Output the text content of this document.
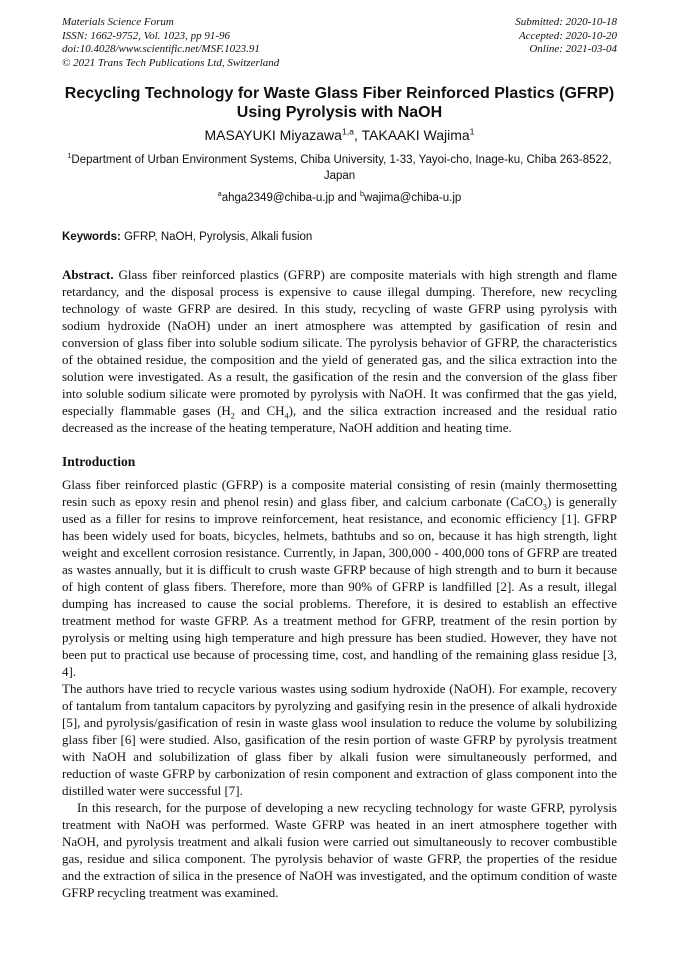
Materials Science Forum
ISSN: 1662-9752, Vol. 1023, pp 91-96
doi:10.4028/www.scientific.net/MSF.1023.91
© 2021 Trans Tech Publications Ltd, Switzerland
Submitted: 2020-10-18
Accepted: 2020-10-20
Online: 2021-03-04
Recycling Technology for Waste Glass Fiber Reinforced Plastics (GFRP)
Using Pyrolysis with NaOH
MASAYUKI Miyazawa$^{1,a}$, TAKAAKI Wajima$^1$
$^1$Department of Urban Environment Systems, Chiba University, 1-33, Yayoi-cho, Inage-ku, Chiba 263-8522, Japan
$^a$ahga2349@chiba-u.jp and $^b$wajima@chiba-u.jp
Keywords: GFRP, NaOH, Pyrolysis, Alkali fusion

Abstract. Glass fiber reinforced plastics (GFRP) are composite materials with high strength and flame retardancy, and the disposal process is expensive to cause illegal dumping. Therefore, new recycling technology of waste GFRP are desired. In this study, recycling of waste GFRP using pyrolysis with sodium hydroxide (NaOH) under an inert atmosphere was attempted by gasification of resin and conversion of glass fiber into soluble sodium silicate. The pyrolysis behavior of GFRP, the characteristics of the obtained residue, the composition and the yield of generated gas, and the silica extraction into the solution were investigated. As a result, the gasification of the resin and the conversion of the glass fiber into soluble sodium silicate were promoted by pyrolysis with NaOH. It was confirmed that the gas yield, especially flammable gases ($H_2$ and $CH_4$), and the silica extraction increased and the residual ratio decreased as the increase of the heating temperature, NaOH addition and heating time.

Introduction

Glass fiber reinforced plastic (GFRP) is a composite material consisting of resin (mainly thermosetting resin such as epoxy resin and phenol resin) and glass fiber, and calcium carbonate (CaCO$_3$) is generally used as a filler for resins to improve reinforcement, heat resistance, and economic efficiency [1]. GFRP has been widely used for boats, bicycles, helmets, bathtubs and so on, because it has high strength, light weight and excellent corrosion resistance. Currently, in Japan, 300,000 - 400,000 tons of GFRP are treated as wastes annually, but it is difficult to crush waste GFRP because of high strength and to burn it because of high content of glass fibers. Therefore, more than 90% of GFRP is landfilled [2]. As a result, illegal dumping has increased to cause the social problems. Therefore, it is desired to establish an effective treatment method for waste GFRP. As a treatment method for GFRP, treatment of the resin portion by pyrolysis or melting using high temperature and high pressure has been studied. However, they have not been put to practical use because of processing time, cost, and handling of the remaining glass residue [3, 4].

The authors have tried to recycle various wastes using sodium hydroxide (NaOH). For example, recovery of tantalum from tantalum capacitors by pyrolyzing and gasifying resin in the presence of alkali hydroxide [5], and pyrolysis/gasification of resin in waste glass wool insulation to reduce the volume by solubilizing glass fiber [6] were studied. Also, gasification of the resin portion of waste GFRP by pyrolysis treatment with NaOH and solubilization of glass fiber by alkali fusion were simultaneously performed, and reduction of waste GFRP by carbonization of resin component and extraction of glass component into the distilled water were successful [7].

In this research, for the purpose of developing a new recycling technology for waste GFRP, pyrolysis treatment with NaOH was performed. Waste GFRP was heated in an inert atmosphere together with NaOH, and pyrolysis treatment and alkali fusion were carried out simultaneously to recover combustible gas, residue and silica component. The pyrolysis behavior of waste GFRP, the properties of the residue and the extraction of silica in the presence of NaOH was investigated, and the optimum condition of waste GFRP recycling treatment was examined.
